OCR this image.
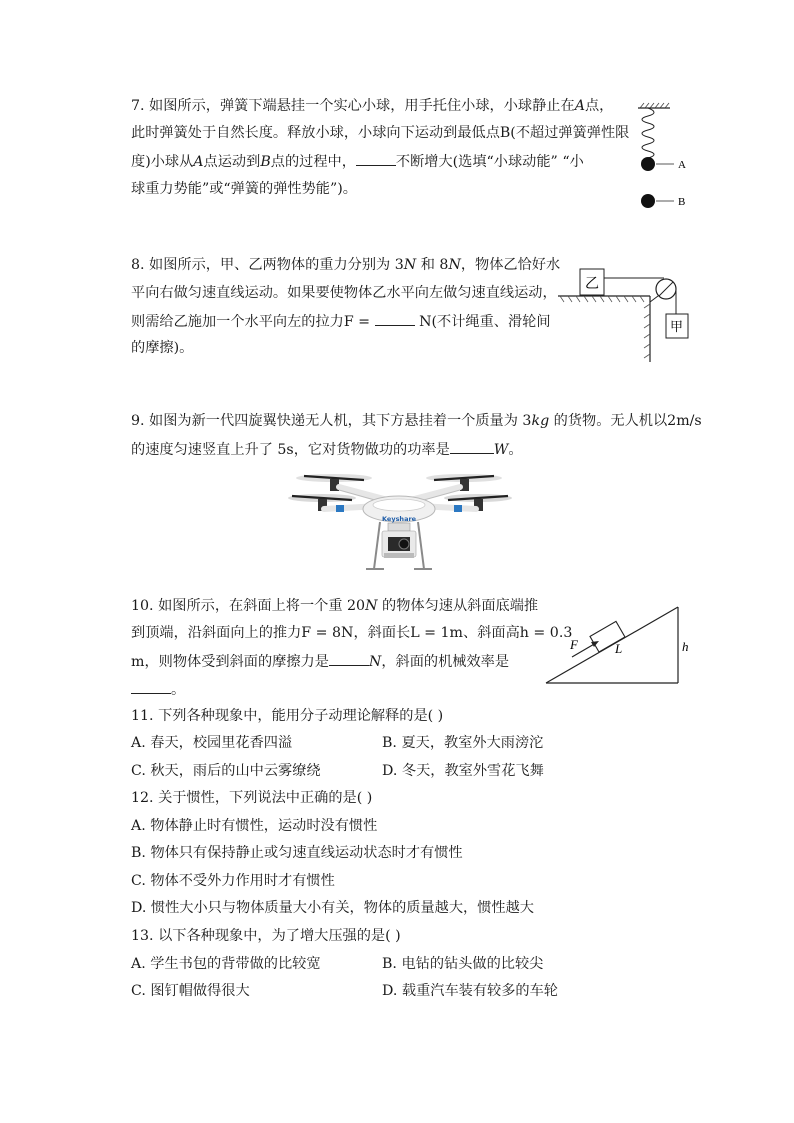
7. 如图所示，弹簧下端悬挂一个实心小球，用手托住小球，小球静止在A点，
此时弹簧处于自然长度。释放小球，小球向下运动到最低点B(不超过弹簧弹性限
度)小球从A点运动到B点的过程中，	不断增大(选填“小球动能” “小
球重力势能”或“弹簧的弹性势能”)。
A
B
8. 如图所示，甲、乙两物体的重力分别为 3N 和 8N，物体乙恰好水
平向右做匀速直线运动。如果要使物体乙水平向左做匀速直线运动，
则需给乙施加一个水平向左的拉力F =	N(不计绳重、滑轮间
的摩擦)。
乙
甲
9. 如图为新一代四旋翼快递无人机，其下方悬挂着一个质量为 3kg 的货物。无人机以2m/s
的速度匀速竖直上升了 5s，它对货物做功的功率是	W。
Keyshare
10. 如图所示，在斜面上将一个重 20N 的物体匀速从斜面底端推
到顶端，沿斜面向上的推力F = 8N，斜面长L = 1m、斜面高h = 0.3
m，则物体受到斜面的摩擦力是	N，斜面的机械效率是
。
F	L	h
11. 下列各种现象中，能用分子动理论解释的是( )
A. 春天，校园里花香四溢	B. 夏天，教室外大雨滂沱
C. 秋天，雨后的山中云雾缭绕	D. 冬天，教室外雪花飞舞
12. 关于惯性，下列说法中正确的是( )
A. 物体静止时有惯性，运动时没有惯性
B. 物体只有保持静止或匀速直线运动状态时才有惯性
C. 物体不受外力作用时才有惯性
D. 惯性大小只与物体质量大小有关，物体的质量越大，惯性越大
13. 以下各种现象中，为了增大压强的是( )
A. 学生书包的背带做的比较宽	B. 电钻的钻头做的比较尖
C. 图钉帽做得很大	D. 载重汽车装有较多的车轮
